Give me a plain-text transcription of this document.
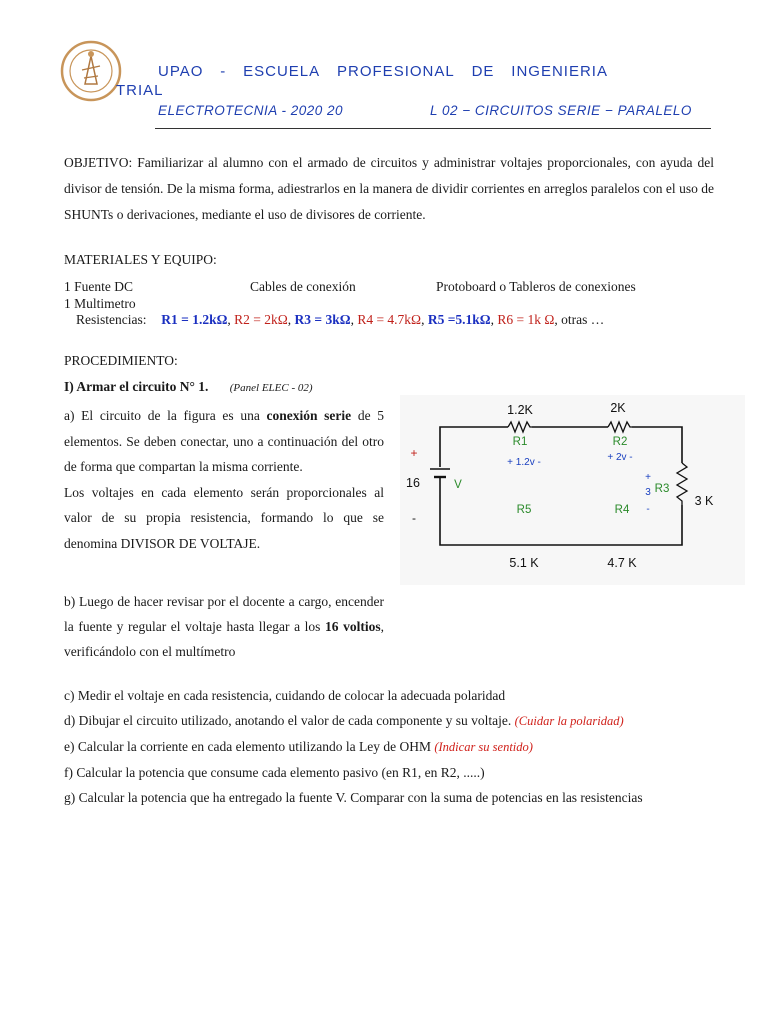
UPAO - ESCUELA PROFESIONAL DE INGENIERIA
TRIAL
ELECTROTECNIA - 2020 20	L 02 − CIRCUITOS SERIE − PARALELO

OBJETIVO: Familiarizar al alumno con el armado de circuitos y administrar voltajes proporcionales, con ayuda del divisor de tensión. De la misma forma, adiestrarlos en la manera de dividir corrientes en arreglos paralelos con el uso de SHUNTs o derivaciones, mediante el uso de divisores de corriente.

MATERIALES Y EQUIPO:
1 Fuente DC	Cables de conexión	Protoboard o Tableros de conexiones
1 Multimetro
Resistencias: R1 = 1.2kΩ, R2 = 2kΩ, R3 = 3kΩ, R4 = 4.7kΩ, R5 =5.1kΩ, R6 = 1k Ω, otras …
PROCEDIMIENTO:
I) Armar el circuito N° 1. (Panel ELEC - 02)
a) El circuito de la figura es una conexión serie de 5 elementos. Se deben conectar, uno a continuación del otro de forma que compartan la misma corriente.
Los voltajes en cada elemento serán proporcionales al valor de su propia resistencia, formando lo que se denomina DIVISOR DE VOLTAJE.
b) Luego de hacer revisar por el docente a cargo, encender la fuente y regular el voltaje hasta llegar a los 16 voltios, verificándolo con el multímetro
c) Medir el voltaje en cada resistencia, cuidando de colocar la adecuada polaridad
d) Dibujar el circuito utilizado, anotando el valor de cada componente y su voltaje. (Cuidar la polaridad)
e) Calcular la corriente en cada elemento utilizando la Ley de OHM (Indicar su sentido)
f) Calcular la potencia que consume cada elemento pasivo (en R1, en R2, .....)
g) Calcular la potencia que ha entregado la fuente V. Comparar con la suma de potencias en las resistencias
1.2K	2K
3 K
4.7 K
5.1 K
R1	R2
R3
R4
R5
+ 1.2v -	+ 2v -
+
3
-
+
-
16	V
